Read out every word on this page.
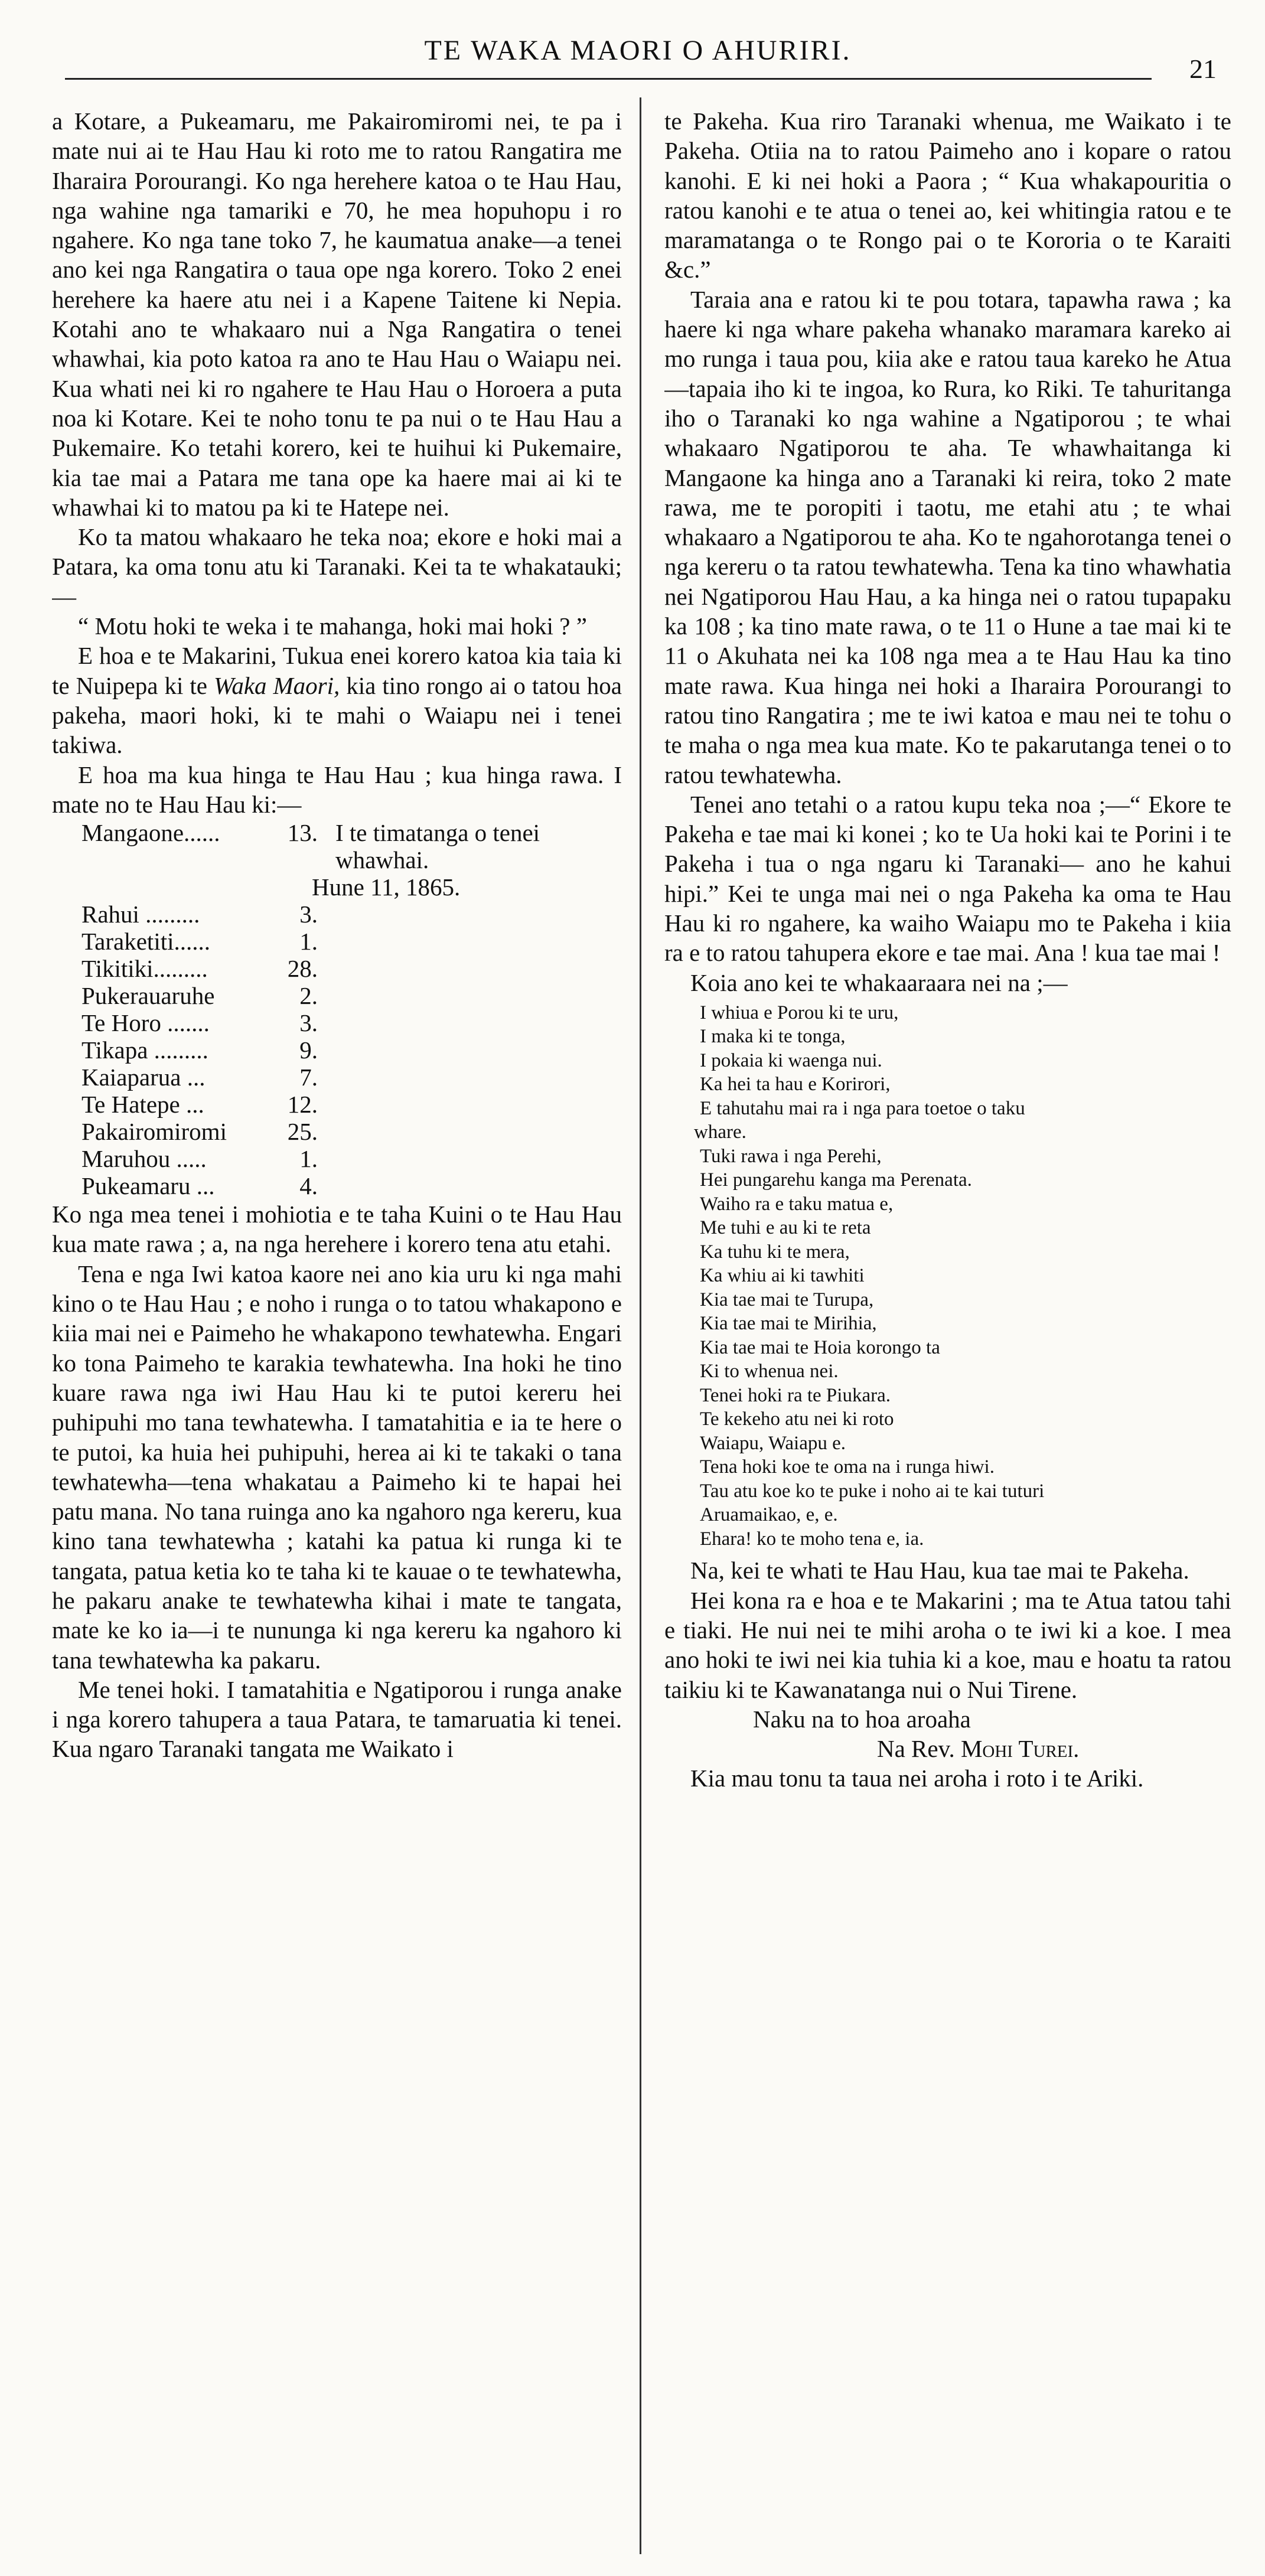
TE WAKA MAORI O AHURIRI.
21

a Kotare, a Pukeamaru, me Pakairomiromi nei, te pa i mate nui ai te Hau Hau ki roto me to ratou Rangatira me Iharaira Porourangi. Ko nga herehere katoa o te Hau Hau, nga wahine nga tamariki e 70, he mea hopuhopu i ro ngahere. Ko nga tane toko 7, he kaumatua anake—a tenei ano kei nga Rangatira o taua ope nga korero. Toko 2 enei herehere ka haere atu nei i a Kapene Taitene ki Nepia. Kotahi ano te whakaaro nui a Nga Rangatira o tenei whawhai, kia poto katoa ra ano te Hau Hau o Waiapu nei. Kua whati nei ki ro ngahere te Hau Hau o Horoera a puta noa ki Kotare. Kei te noho tonu te pa nui o te Hau Hau a Pukemaire. Ko tetahi korero, kei te huihui ki Pukemaire, kia tae mai a Patara me tana ope ka haere mai ai ki te whawhai ki to matou pa ki te Hatepe nei.

Ko ta matou whakaaro he teka noa; ekore e hoki mai a Patara, ka oma tonu atu ki Taranaki. Kei ta te whakatauki;—

“ Motu hoki te weka i te mahanga, hoki mai hoki ? ”

E hoa e te Makarini, Tukua enei korero katoa kia taia ki te Nuipepa ki te Waka Maori, kia tino rongo ai o tatou hoa pakeha, maori hoki, ki te mahi o Waiapu nei i tenei takiwa.

E hoa ma kua hinga te Hau Hau ; kua hinga rawa. I mate no te Hau Hau ki:—

Mangaone......	13. I te timatanga o tenei whawhai.
Hune 11, 1865.
Rahui .........	3.
Taraketiti......	1.
Tikitiki.........	28.
Pukerauaruhe	2.
Te Horo .......	3.
Tikapa .........	9.
Kaiaparua ...	7.
Te Hatepe ...	12.
Pakairomiromi	25.
Maruhou .....	1.
Pukeamaru ...	4.

Ko nga mea tenei i mohiotia e te taha Kuini o te Hau Hau kua mate rawa ; a, na nga herehere i korero tena atu etahi.

Tena e nga Iwi katoa kaore nei ano kia uru ki nga mahi kino o te Hau Hau ; e noho i runga o to tatou whakapono e kiia mai nei e Paimeho he whakapono tewhatewha. Engari ko tona Paimeho te karakia tewhatewha. Ina hoki he tino kuare rawa nga iwi Hau Hau ki te putoi kereru hei puhipuhi mo tana tewhatewha. I tamatahitia e ia te here o te putoi, ka huia hei puhipuhi, herea ai ki te takaki o tana tewhatewha—tena whakatau a Paimeho ki te hapai hei patu mana. No tana ruinga ano ka ngahoro nga kereru, kua kino tana tewhatewha ; katahi ka patua ki runga ki te tangata, patua ketia ko te taha ki te kauae o te tewhatewha, he pakaru anake te tewhatewha kihai i mate te tangata, mate ke ko ia—i te nununga ki nga kereru ka ngahoro ki tana tewhatewha ka pakaru.

Me tenei hoki. I tamatahitia e Ngatiporou i runga anake i nga korero tahupera a taua Patara, te tamaruatia ki tenei. Kua ngaro Taranaki tangata me Waikato i

te Pakeha. Kua riro Taranaki whenua, me Waikato i te Pakeha. Otiia na to ratou Paimeho ano i kopare o ratou kanohi. E ki nei hoki a Paora ; “ Kua whakapouritia o ratou kanohi e te atua o tenei ao, kei whitingia ratou e te maramatanga o te Rongo pai o te Kororia o te Karaiti &c.”

Taraia ana e ratou ki te pou totara, tapawha rawa ; ka haere ki nga whare pakeha whanako maramara kareko ai mo runga i taua pou, kiia ake e ratou taua kareko he Atua—tapaia iho ki te ingoa, ko Rura, ko Riki. Te tahuritanga iho o Taranaki ko nga wahine a Ngatiporou ; te whai whakaaro Ngatiporou te aha. Te whawhaitanga ki Mangaone ka hinga ano a Taranaki ki reira, toko 2 mate rawa, me te poropiti i taotu, me etahi atu ; te whai whakaaro a Ngatiporou te aha. Ko te ngahorotanga tenei o nga kereru o ta ratou tewhatewha. Tena ka tino whawhatia nei Ngatiporou Hau Hau, a ka hinga nei o ratou tupapaku ka 108 ; ka tino mate rawa, o te 11 o Hune a tae mai ki te 11 o Akuhata nei ka 108 nga mea a te Hau Hau ka tino mate rawa. Kua hinga nei hoki a Iharaira Porourangi to ratou tino Rangatira ; me te iwi katoa e mau nei te tohu o te maha o nga mea kua mate. Ko te pakarutanga tenei o to ratou tewhatewha.

Tenei ano tetahi o a ratou kupu teka noa ;—“ Ekore te Pakeha e tae mai ki konei ; ko te Ua hoki kai te Porini i te Pakeha i tua o nga ngaru ki Taranaki— ano he kahui hipi.” Kei te unga mai nei o nga Pakeha ka oma te Hau Hau ki ro ngahere, ka waiho Waiapu mo te Pakeha i kiia ra e to ratou tahupera ekore e tae mai. Ana ! kua tae mai !

Koia ano kei te whakaaraara nei na ;—

I whiua e Porou ki te uru,
I maka ki te tonga,
I pokaia ki waenga nui.
Ka hei ta hau e Korirori,
E tahutahu mai ra i nga para toetoe o taku
whare.
Tuki rawa i nga Perehi,
Hei pungarehu kanga ma Perenata.
Waiho ra e taku matua e,
Me tuhi e au ki te reta
Ka tuhu ki te mera,
Ka whiu ai ki tawhiti
Kia tae mai te Turupa,
Kia tae mai te Mirihia,
Kia tae mai te Hoia korongo ta
Ki to whenua nei.
Tenei hoki ra te Piukara.
Te kekeho atu nei ki roto
Waiapu, Waiapu e.
Tena hoki koe te oma na i runga hiwi.
Tau atu koe ko te puke i noho ai te kai tuturi
Aruamaikao, e, e.
Ehara! ko te moho tena e, ia.

Na, kei te whati te Hau Hau, kua tae mai te Pakeha.

Hei kona ra e hoa e te Makarini ; ma te Atua tatou tahi e tiaki. He nui nei te mihi aroha o te iwi ki a koe. I mea ano hoki te iwi nei kia tuhia ki a koe, mau e hoatu ta ratou taikiu ki te Kawanatanga nui o Nui Tirene.

Naku na to hoa aroaha

Na Rev. Mohi Turei.

Kia mau tonu ta taua nei aroha i roto i te Ariki.
